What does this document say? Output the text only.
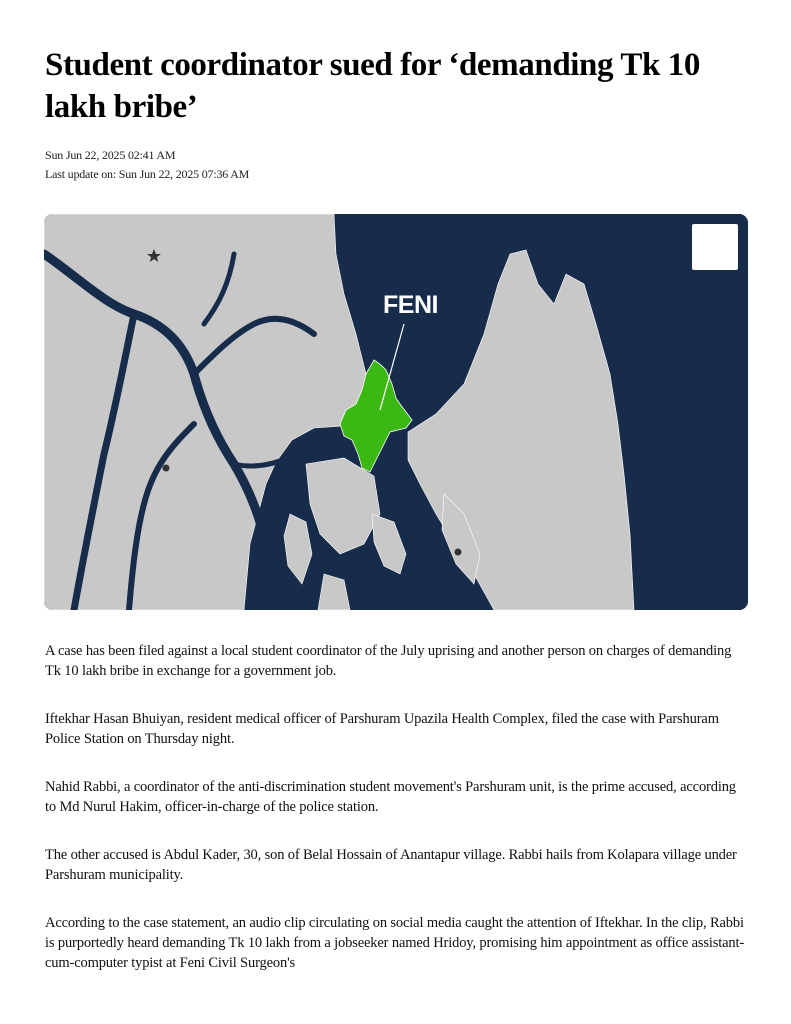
Student coordinator sued for ‘demanding Tk 10 lakh bribe’
Sun Jun 22, 2025 02:41 AM
Last update on: Sun Jun 22, 2025 07:36 AM
FENI

A case has been filed against a local student coordinator of the July uprising and another person on charges of demanding Tk 10 lakh bribe in exchange for a government job.

Iftekhar Hasan Bhuiyan, resident medical officer of Parshuram Upazila Health Complex, filed the case with Parshuram Police Station on Thursday night.

Nahid Rabbi, a coordinator of the anti-discrimination student movement's Parshuram unit, is the prime accused, according to Md Nurul Hakim, officer-in-charge of the police station.

The other accused is Abdul Kader, 30, son of Belal Hossain of Anantapur village. Rabbi hails from Kolapara village under Parshuram municipality.

According to the case statement, an audio clip circulating on social media caught the attention of Iftekhar. In the clip, Rabbi is purportedly heard demanding Tk 10 lakh from a jobseeker named Hridoy, promising him appointment as office assistant-cum-computer typist at Feni Civil Surgeon's
